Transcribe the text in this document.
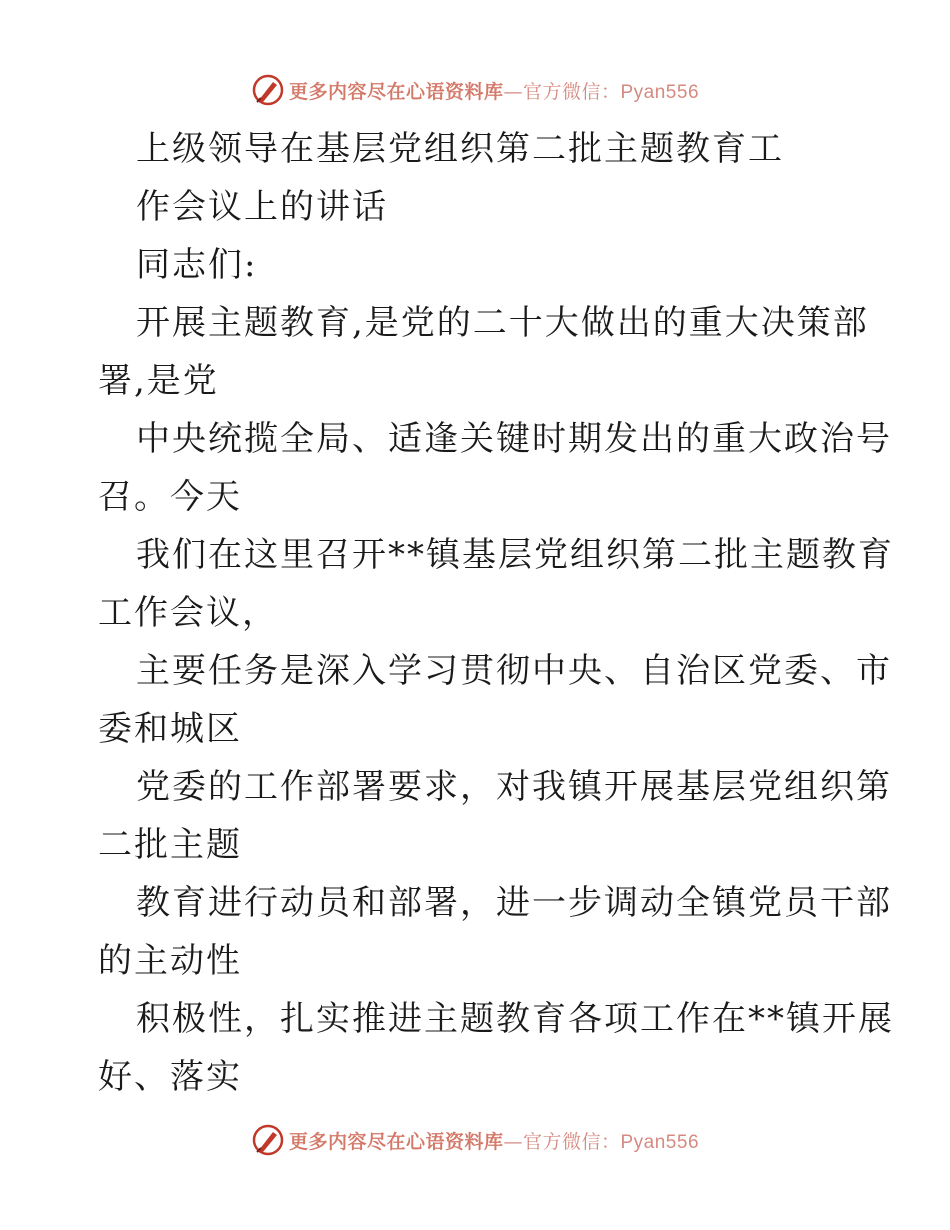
更多内容尽在心语资料库—官方微信：Pyan556
上级领导在基层党组织第二批主题教育工
作会议上的讲话
同志们:
开展主题教育,是党的二十大做出的重大决策部
署,是党
中央统揽全局、适逢关键时期发出的重大政治号
召。今天
我们在这里召开**镇基层党组织第二批主题教育
工作会议，
主要任务是深入学习贯彻中央、自治区党委、市
委和城区
党委的工作部署要求，对我镇开展基层党组织第
二批主题
教育进行动员和部署，进一步调动全镇党员干部
的主动性
积极性，扎实推进主题教育各项工作在**镇开展
好、落实
更多内容尽在心语资料库—官方微信：Pyan556
